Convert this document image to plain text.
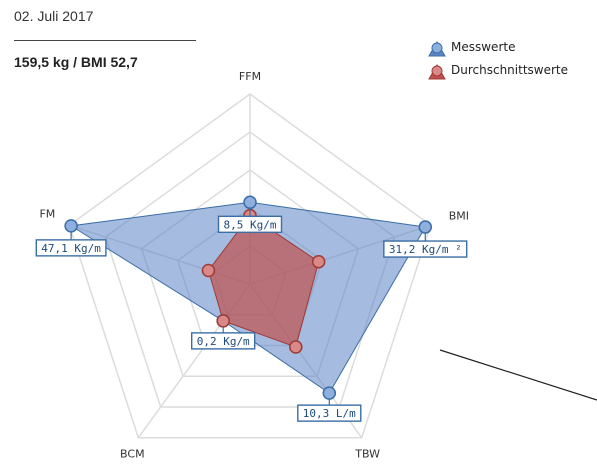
02. Juli 2017
159,5 kg / BMI 52,7
FFM
BMI
TBW
BCM
FM
8,5 Kg/m
31,2 Kg/m ²
10,3 L/m
0,2 Kg/m
47,1 Kg/m
Messwerte
Durchschnittswerte
